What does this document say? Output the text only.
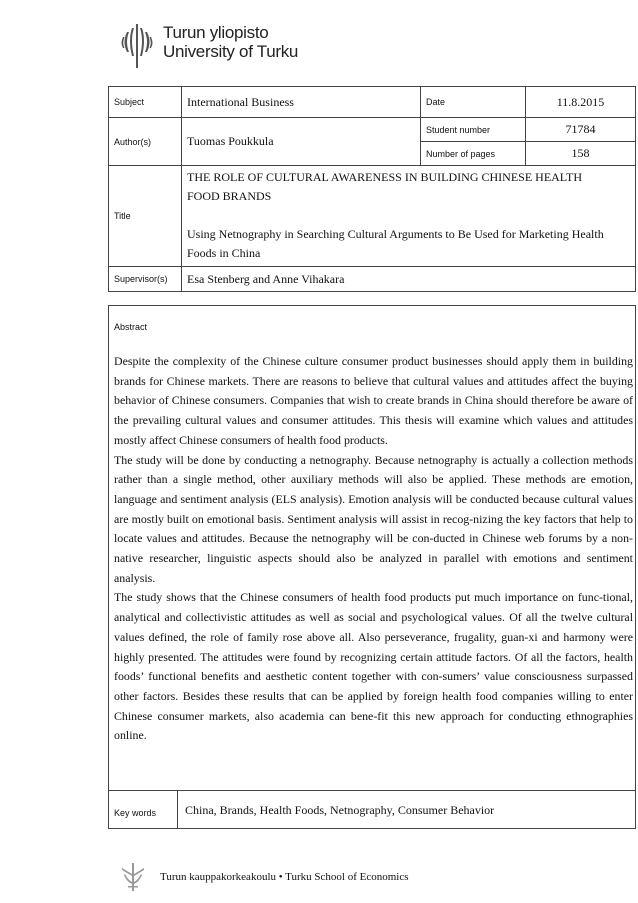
Turun yliopisto
University of Turku
Subject	International Business	Date	11.8.2015
Author(s)	Tuomas Poukkula	Student number	71784
		Number of pages	158
Title	THE ROLE OF CULTURAL AWARENESS IN BUILDING CHINESE HEALTH
FOOD BRANDS
Using Netnography in Searching Cultural Arguments to Be Used for Marketing Health
Foods in China		

Supervisor(s)	Esa Stenberg and Anne Vihakara		
Abstract

Despite the complexity of the Chinese culture consumer product businesses should apply them in building brands for Chinese markets. There are reasons to believe that cultural values and attitudes affect the buying behavior of Chinese consumers. Companies that wish to create brands in China should therefore be aware of the prevailing cultural values and consumer attitudes. This thesis will examine which values and attitudes mostly affect Chinese consumers of health food products.

The study will be done by conducting a netnography. Because netnography is actually a collection methods rather than a single method, other auxiliary methods will also be applied. These methods are emotion, language and sentiment analysis (ELS analysis). Emotion analysis will be conducted because cultural values are mostly built on emotional basis. Sentiment analysis will assist in recog-nizing the key factors that help to locate values and attitudes. Because the netnography will be con-ducted in Chinese web forums by a non-native researcher, linguistic aspects should also be analyzed in parallel with emotions and sentiment analysis.

The study shows that the Chinese consumers of health food products put much importance on func-tional, analytical and collectivistic attitudes as well as social and psychological values. Of all the twelve cultural values defined, the role of family rose above all. Also perseverance, frugality, guan-xi and harmony were highly presented. The attitudes were found by recognizing certain attitude factors. Of all the factors, health foods’ functional benefits and aesthetic content together with con-sumers’ value consciousness surpassed other factors. Besides these results that can be applied by foreign health food companies willing to enter Chinese consumer markets, also academia can bene-fit this new approach for conducting ethnographies online.

Key words China, Brands, Health Foods, Netnography, Consumer Behavior
Turun kauppakorkeakoulu • Turku School of Economics
